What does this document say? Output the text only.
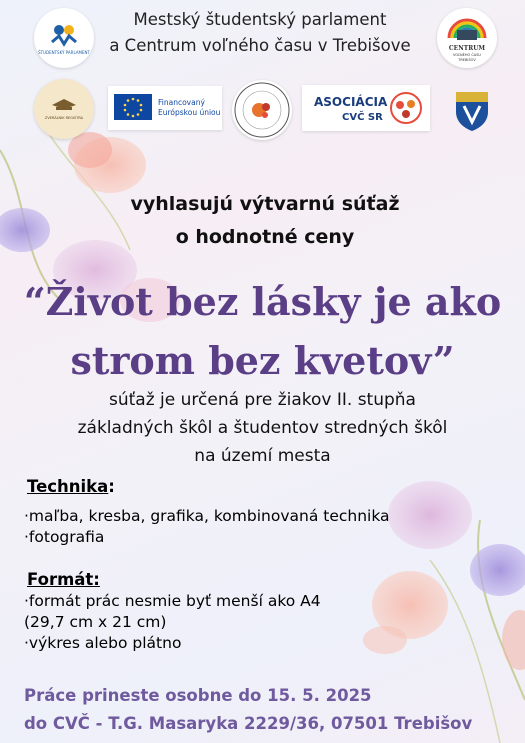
Mestský študentský parlament
a Centrum voľného času v Trebišove
ŠTUDENTSKÝ PARLAMENT
CENTRUM
VOĽNÉHO ČASU
TREBIŠOV
ZVERÁLNIK REGISTRA
Financovaný
Európskou úniou
ASOCIÁCIA
CVČ SR
vyhlasujú výtvarnú súťaž
o hodnotné ceny
“Život bez lásky je ako
strom bez kvetov”
súťaž je určená pre žiakov II. stupňa
základných škôl a študentov stredných škôl
na území mesta
Technika:
·maľba, kresba, grafika, kombinovaná technika
·fotografia
Formát:
·formát prác nesmie byť menší ako A4
(29,7 cm x 21 cm)
·výkres alebo plátno
Práce prineste osobne do 15. 5. 2025
do CVČ - T.G. Masaryka 2229/36, 07501 Trebišov
